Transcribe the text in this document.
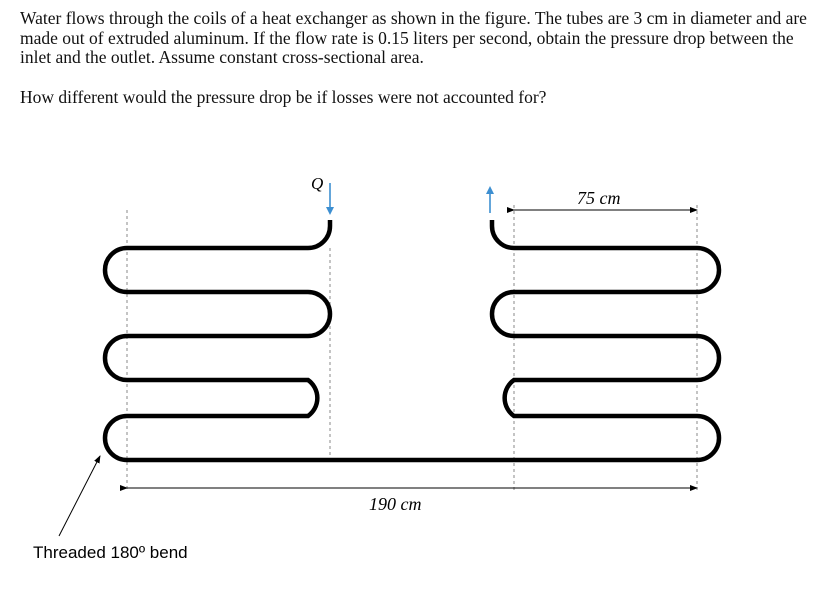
Water flows through the coils of a heat exchanger as shown in the figure. The tubes are 3 cm in diameter and are made out of extruded aluminum. If the flow rate is 0.15 liters per second, obtain the pressure drop between the inlet and the outlet. Assume constant cross-sectional area.

How different would the pressure drop be if losses were not accounted for?

Q
75 cm
190 cm
Threaded 180º bend
